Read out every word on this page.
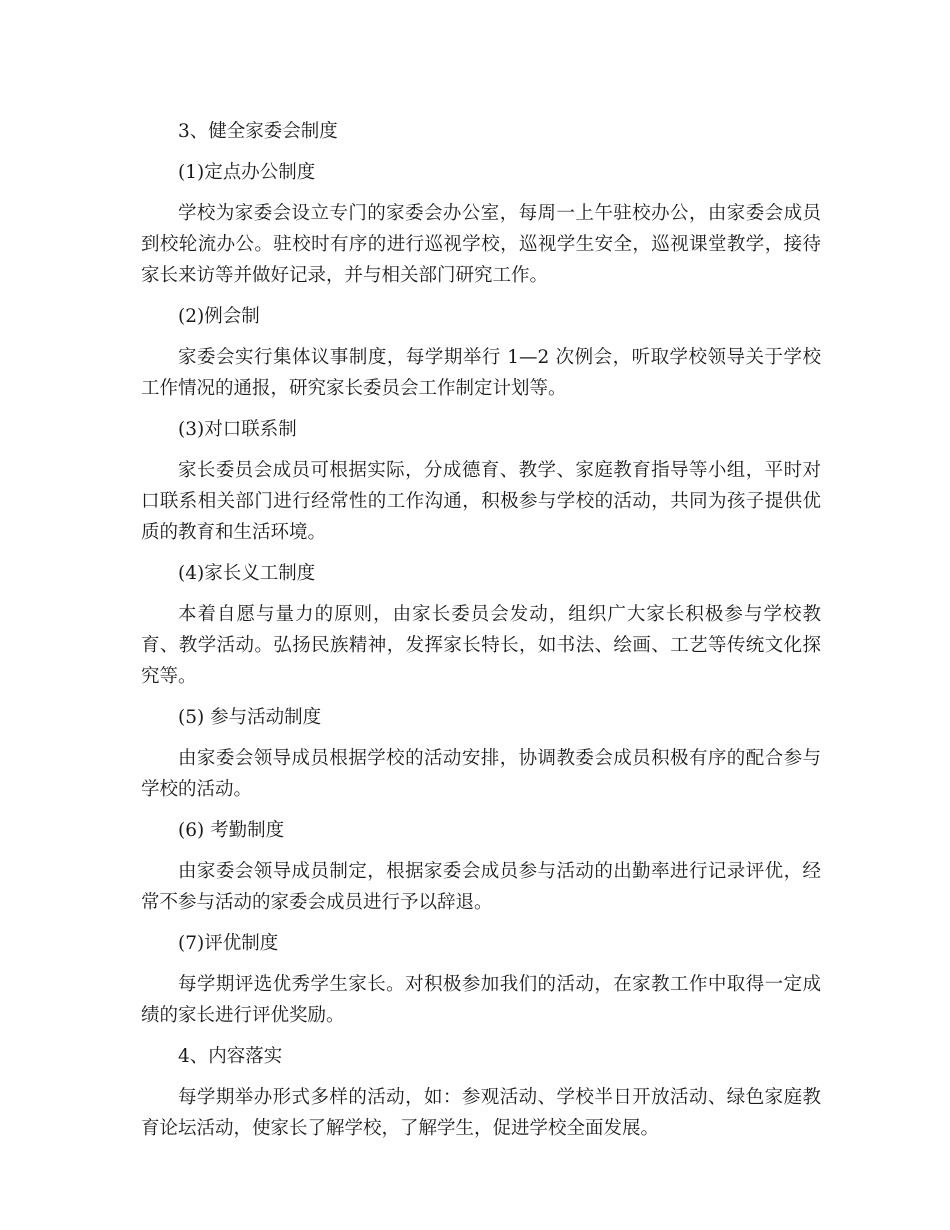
3、健全家委会制度

(1)定点办公制度

学校为家委会设立专门的家委会办公室，每周一上午驻校办公，由家委会成员到校轮流办公。驻校时有序的进行巡视学校，巡视学生安全，巡视课堂教学，接待家长来访等并做好记录，并与相关部门研究工作。

(2)例会制

家委会实行集体议事制度，每学期举行 1—2 次例会，听取学校领导关于学校工作情况的通报，研究家长委员会工作制定计划等。

(3)对口联系制

家长委员会成员可根据实际，分成德育、教学、家庭教育指导等小组，平时对口联系相关部门进行经常性的工作沟通，积极参与学校的活动，共同为孩子提供优质的教育和生活环境。

(4)家长义工制度

本着自愿与量力的原则，由家长委员会发动，组织广大家长积极参与学校教育、教学活动。弘扬民族精神，发挥家长特长，如书法、绘画、工艺等传统文化探究等。

(5) 参与活动制度

由家委会领导成员根据学校的活动安排，协调教委会成员积极有序的配合参与学校的活动。

(6) 考勤制度

由家委会领导成员制定，根据家委会成员参与活动的出勤率进行记录评优，经常不参与活动的家委会成员进行予以辞退。

(7)评优制度

每学期评选优秀学生家长。对积极参加我们的活动，在家教工作中取得一定成绩的家长进行评优奖励。

4、内容落实

每学期举办形式多样的活动，如：参观活动、学校半日开放活动、绿色家庭教育论坛活动，使家长了解学校，了解学生，促进学校全面发展。
